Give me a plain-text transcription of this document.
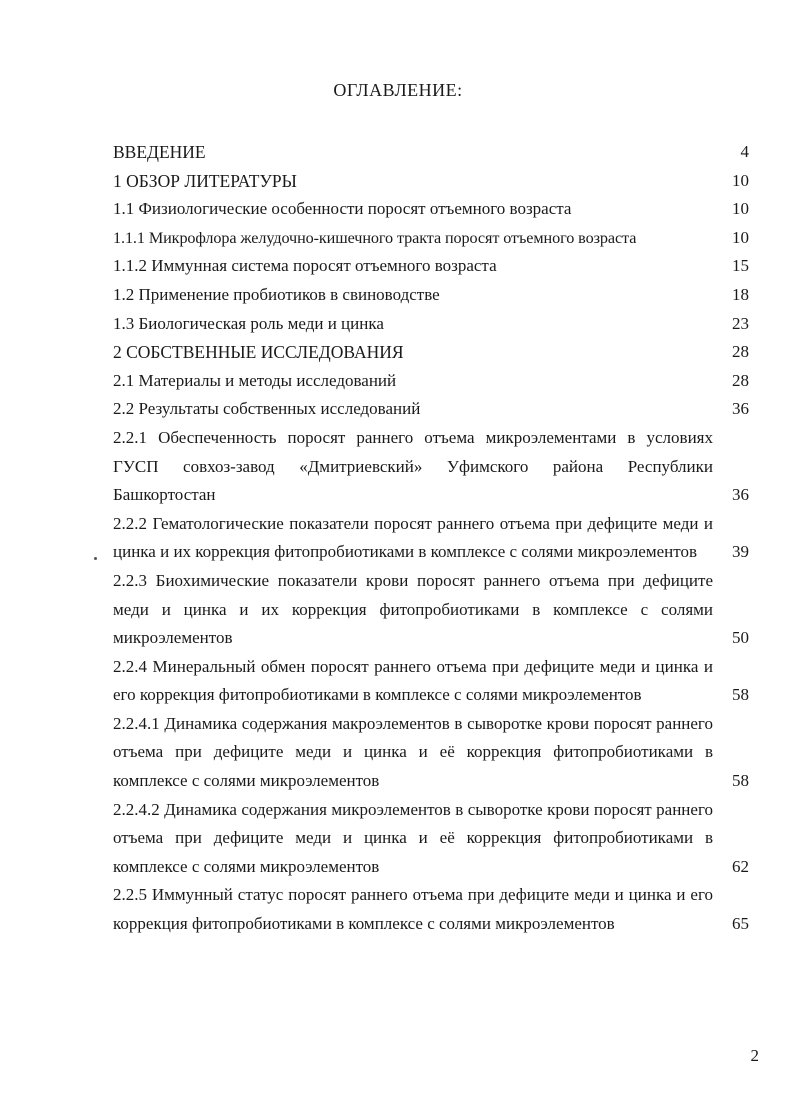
ОГЛАВЛЕНИЕ:
ВВЕДЕНИЕ	4
1 ОБЗОР ЛИТЕРАТУРЫ	10
1.1 Физиологические особенности поросят отъемного возраста	10
1.1.1 Микрофлора желудочно-кишечного тракта поросят отъемного возраста	10
1.1.2 Иммунная система поросят отъемного возраста	15
1.2 Применение пробиотиков в свиноводстве	18
1.3 Биологическая роль меди и цинка	23
2 СОБСТВЕННЫЕ ИССЛЕДОВАНИЯ	28
2.1 Материалы и методы исследований	28
2.2 Результаты собственных исследований	36
2.2.1 Обеспеченность поросят раннего отъема микроэлементами в условиях ГУСП совхоз-завод «Дмитриевский» Уфимского района Республики Башкортостан	36
2.2.2 Гематологические показатели поросят раннего отъема при дефиците меди и цинка и их коррекция фитопробиотиками в комплексе с солями микроэлементов	39
2.2.3 Биохимические показатели крови поросят раннего отъема при дефиците меди и цинка и их коррекция фитопробиотиками в комплексе с солями микроэлементов	50
2.2.4 Минеральный обмен поросят раннего отъема при дефиците меди и цинка и его коррекция фитопробиотиками в комплексе с солями микроэлементов	58
2.2.4.1 Динамика содержания макроэлементов в сыворотке крови поросят раннего отъема при дефиците меди и цинка и её коррекция фитопробиотиками в комплексе с солями микроэлементов	58
2.2.4.2 Динамика содержания микроэлементов в сыворотке крови поросят раннего отъема при дефиците меди и цинка и её коррекция фитопробиотиками в комплексе с солями микроэлементов	62
2.2.5 Иммунный статус поросят раннего отъема при дефиците меди и цинка и его коррекция фитопробиотиками в комплексе с солями микроэлементов	65
2
